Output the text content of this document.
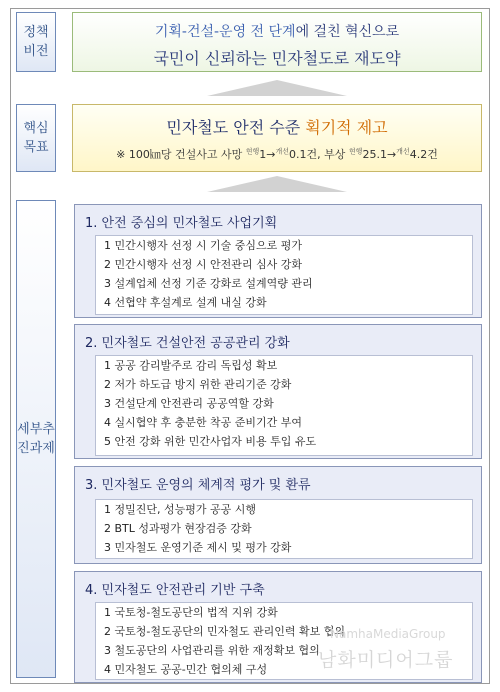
정책
비전
핵심
목표
세부추
진과제
기획-건설-운영 전 단계에 걸친 혁신으로
국민이 신뢰하는 민자철도로 재도약
민자철도 안전 수준 획기적 제고
※ 100㎞당 건설사고 사망 $^{현행}$1→$^{개선}$0.1건, 부상 $^{현행}$25.1→$^{개선}$4.2건
1. 안전 중심의 민자철도 사업기획
1 민간시행자 선정 시 기술 중심으로 평가
2 민간시행자 선정 시 안전관리 심사 강화
3 설계업체 선정 기준 강화로 설계역량 관리
4 선협약 후설계로 설계 내실 강화
2. 민자철도 건설안전 공공관리 강화
1 공공 감리발주로 감리 독립성 확보
2 저가 하도급 방지 위한 관리기준 강화
3 건설단계 안전관리 공공역할 강화
4 실시협약 후 충분한 착공 준비기간 부여
5 안전 강화 위한 민간사업자 비용 투입 유도
3. 민자철도 운영의 체계적 평가 및 환류
1 정밀진단, 성능평가 공공 시행
2 BTL 성과평가 현장검증 강화
3 민자철도 운영기준 제시 및 평가 강화
4. 민자철도 안전관리 기반 구축
1 국토청-철도공단의 법적 지위 강화
2 국토청-철도공단의 민자철도 관리인력 확보 협의
3 철도공단의 사업관리를 위한 재정확보 협의
4 민자철도 공공-민간 협의체 구성
NamhaMediaGroup
남화미디어그룹
